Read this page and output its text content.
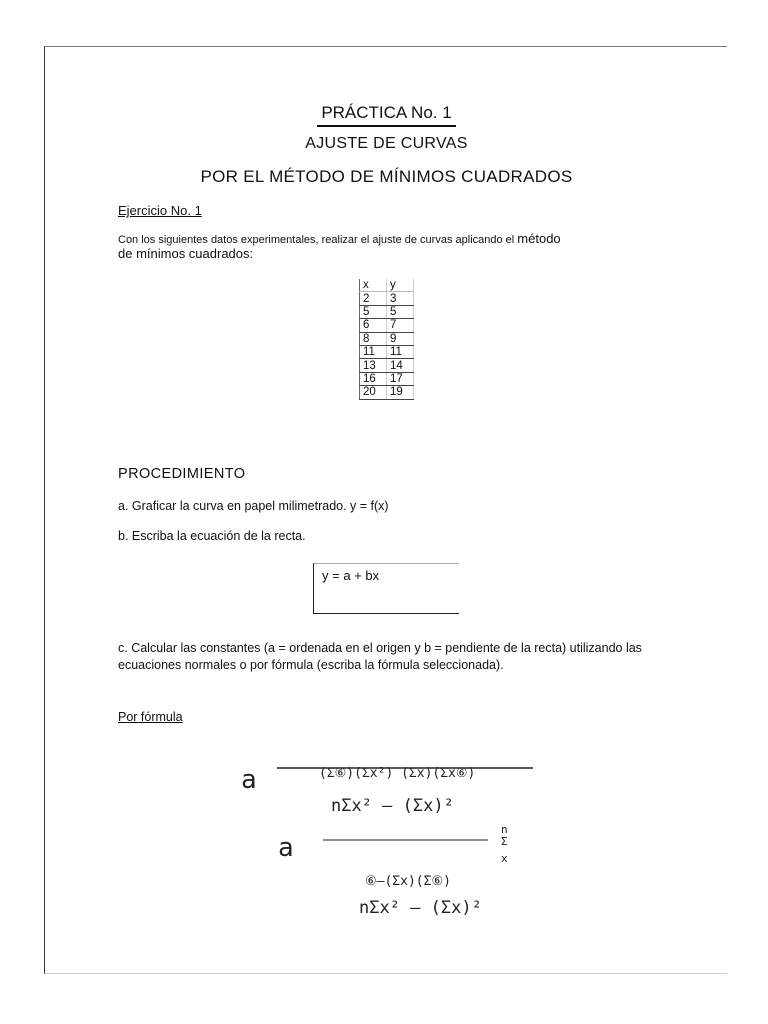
PRÁCTICA No. 1
AJUSTE DE CURVAS
POR EL MÉTODO DE MÍNIMOS CUADRADOS
Ejercicio No. 1
Con los siguientes datos experimentales, realizar el ajuste de curvas aplicando el método
de mínimos cuadrados:
x	y
2	3
5	5
6	7
8	9
11	11
13	14
16	17
20	19
PROCEDIMIENTO
a. Graficar la curva en papel milimetrado. y = f(x)
b. Escriba la ecuación de la recta.
y = a + bx
c. Calcular las constantes (a = ordenada en el origen y b = pendiente de la recta) utilizando las ecuaciones normales o por fórmula (escriba la fórmula seleccionada).
Por fórmula
a	(Σ⑥)(Σx²) (Σx)(Σx⑥)
nΣx² – (Σx)²
a
n
Σ
x
⑥–(Σx)(Σ⑥)
nΣx² – (Σx)²
